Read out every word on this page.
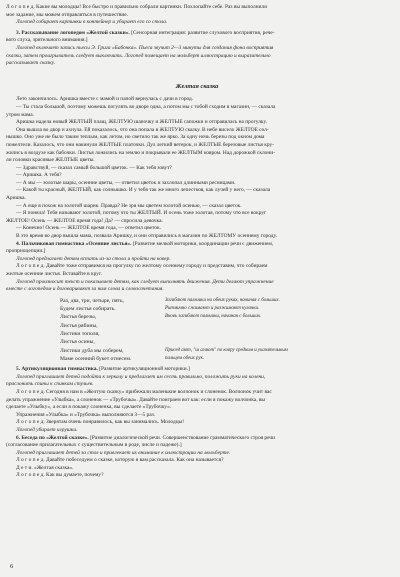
Л о г о п е д. Какие вы молодцы! Все быстро и правильно собрали картинки. Похлопайте себе. Раз вы выполнили

мое задание, мы можем отправляться в путешествие.

Логопед собирает картинки в контейнер и убирает его со стола.

3. Рассказывание логопедом «Желтой сказки». [Сенсорная интеграция: развитие слухового восприятия, рече-

вого слуха, зрительного внимания.]

Логопед включает запись пьесы Э. Грига «Бабочка». Пьеса звучит 2—3 минуты для создания фона восприятия

сказки, затем проигрыватель следует выключить. Логопед помещает на мольберт иллюстрацию и выразительно

рассказывает сказку.

Желтая сказка

Лето закончилось. Аришка вместе с мамой и папой вернулась с дачи в город.

— Ты стала большой, поэтому можешь погулять во дворе одна, а потом мы с тобой сходим в магазин, — сказала

утром мама.

Аришка надела новый ЖЕЛТЫЙ плащ, ЖЕЛТУЮ шапочку и ЖЕЛТЫЕ сапожки и отправилась на прогулку.

Она вышла во двор и ахнула. Ей показалось, что она попала в ЖЕЛТУЮ сказку. В небе висело ЖЕЛТОЕ сол-

нышко. Оно уже не было таким теплым, как летом, но светило так же ярко. За одну ночь березы под окном дома

пожелтели. Казалось, что они накинули ЖЕЛТЫЕ платочки. Дул легкий ветерок, и ЖЕЛТЫЕ березовые листья кру-

жились в воздухе как бабочки. Листья ложились на землю и покрывали ее ЖЕЛТЫМ ковром. Над дорожкой склони-

ли головки красивые ЖЕЛТЫЕ цветы.

— Здравствуй, — сказал самый большой цветок. — Как тебя зовут?

— Аришка. А тебя?

— А мы — золотые шары, осенние цветы, — ответил цветок и захлопал длинными ресницами.

— Какой ты красный, ЖЕЛТЫЙ, как солнышко. И у тебя так же много лепестков, как лучей у него, — сказала

Аришка.

— А еще я похож на золотой шарик. Правда? Не зря мы цветем золотой осенью, — сказал цветок.

— Я поняла! Тебя называют золотой, потому что ты ЖЕЛТЫЙ. И осень тоже золотая, потому что все вокруг

ЖЕЛТОЕ! Осень — ЖЕЛТОЕ время года! Да? — спросила девочка.

— Конечно! Осень — ЖЕЛТОЕ время года, — ответил цветок.

В это время во двор вышла мама, позвала Аришку, и они отправились в магазин по ЖЕЛТОМУ осеннему городу.

4. Пальчиковая гимнастика «Осенние листья». [Развитие мелкой моторики, координации речи с движением,

проприоцепции.]

Логопед предлагает детям встать из-за стола и пройти на ковер.

Л о г о п е д. Давайте тоже отправимся на прогулку по желтому осеннему городу и представим, что собираем

желтые осенние листья. Вставайте в круг.

Логопед произносит текст и показывает детям, как следует выполнять движения. Дети делают упражнение

вместе с логопедом и договаривают за ним слова и словосочетания.

Раз, два, три, четыре, пять,
Будем листья собирать.
Листья березы,
Листья рябины,
Листики тополя,
Листья осины,
Листики дуба мы соберем,
Маме осенний букет отнесем.
Загибают пальчики на обеих руках, начиная с больших.
Ритмично сжимают и разжимают кулачки.
Вновь загибают пальчики, начиная с больших.

Присед ают, "ш агают" по ковру средним и указательным
пальцем обеих рук.

5. Артикуляционная гимнастика. [Развитие артикуляционной моторики.]

Логопед приглашает детей подойти к зеркалу и предлагает им сесть правильно, положить руки на колени,

прислонить спины к спинкам стульев.

Л о г о п е д. Сегодня в нам в «Желтую сказку» прибежали маленькие волчонок и слоненок. Волчонок учит вас

делать упражнение «Улыбка», а слоненок — «Трубочка». Давайте поиграем вот как: если я покажу волчонка, вы

сделаете «Улыбку», а если я покажу слоненка, вы сделаете «Трубочку».

Упражнения «Улыбка» и «Трубочка» выполняются 3—5 раз.

Л о г о п е д. Зверятам очень понравилось, как вы занимались. Молодцы!

Логопед убирает игрушки.

6. Беседа по «Желтой сказке». [Развитие диалогической речи. Совершенствование грамматического строя речи

(согласование прилагательных с существительным в роде, числе и падеже).]

Логопед приглашает детей за стол и привлекает их внимание к иллюстрации на мольберте.

Л о г о п е д. Давайте побеседуем о сказке, которую я вам рассказала. Как она называется?

Д е т и. «Желтая сказка».

Л о г о п е д. Как вы думаете, почему?

6
